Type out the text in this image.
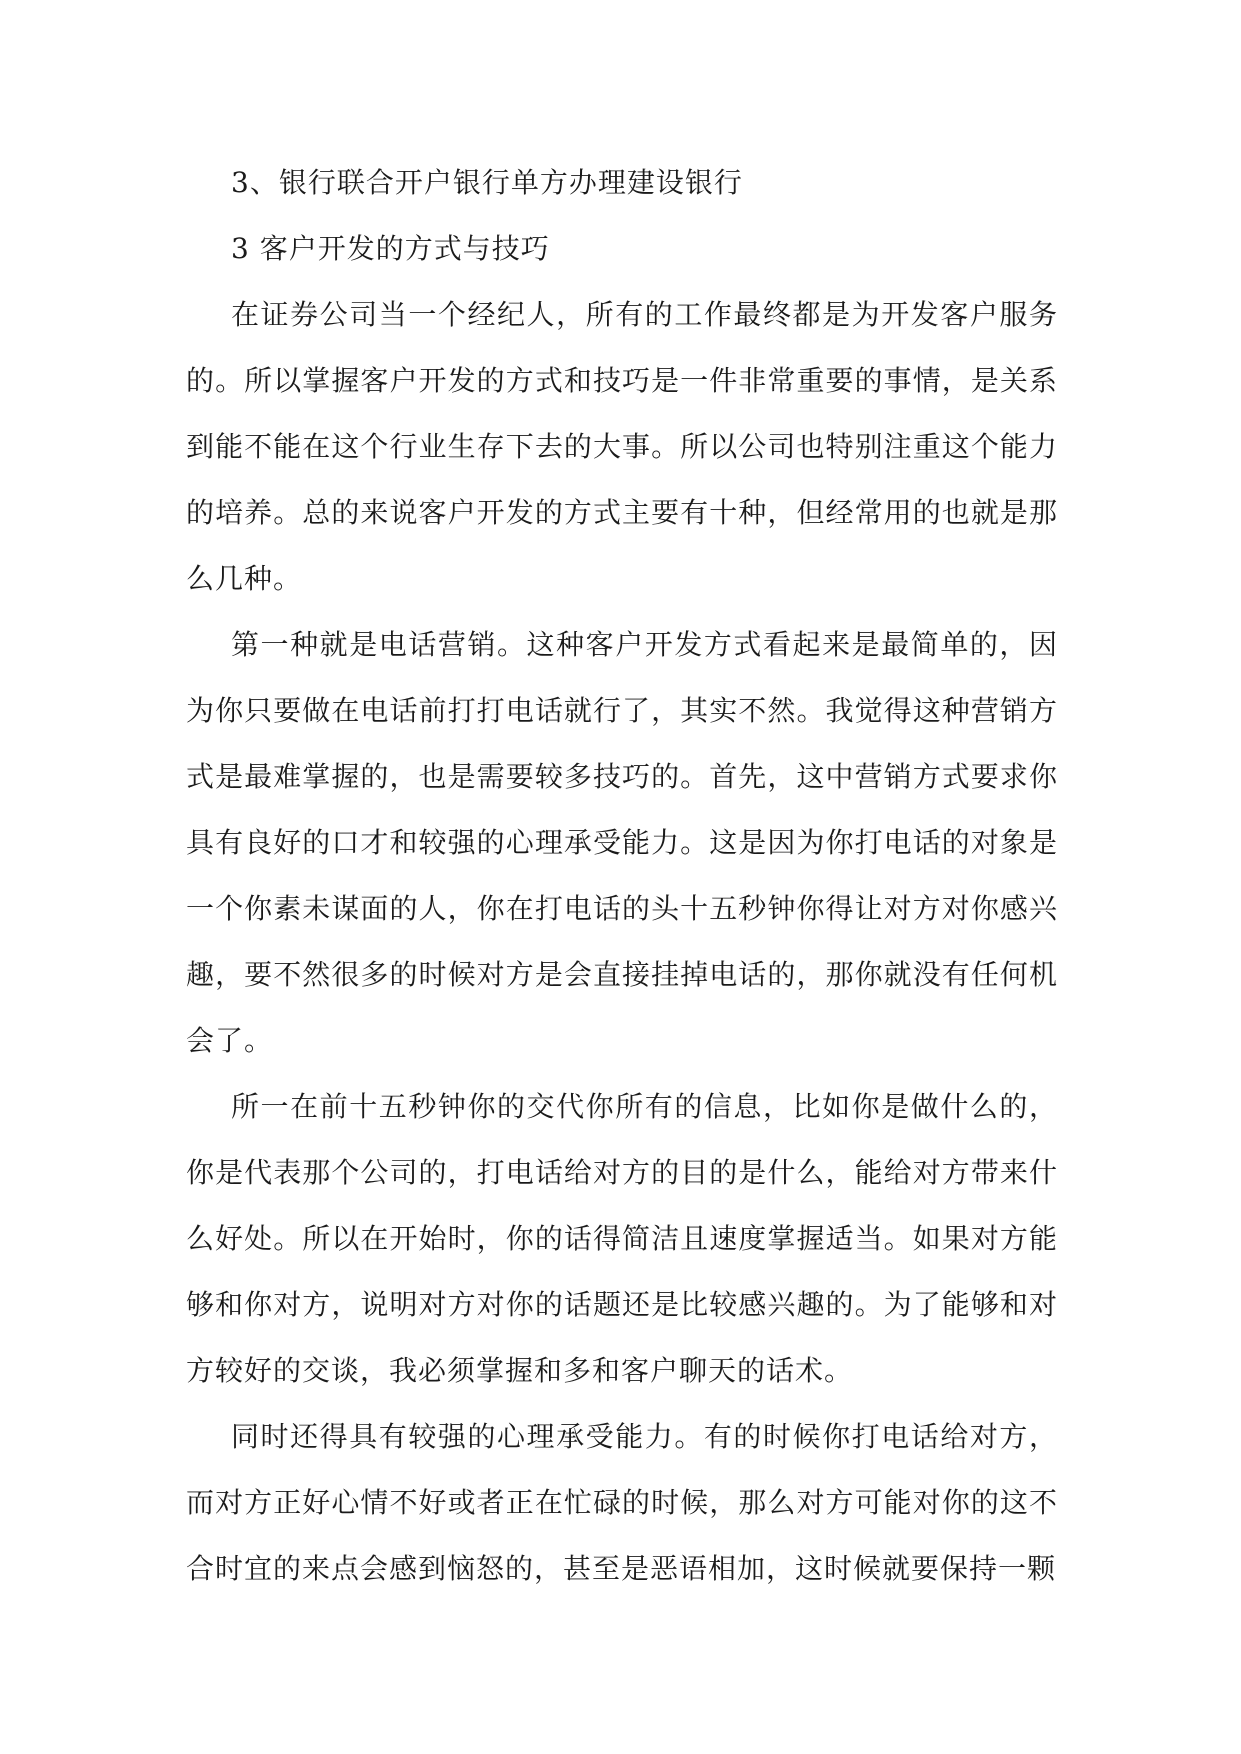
3、银行联合开户银行单方办理建设银行

3 客户开发的方式与技巧

在证券公司当一个经纪人，所有的工作最终都是为开发客户服务的。所以掌握客户开发的方式和技巧是一件非常重要的事情，是关系到能不能在这个行业生存下去的大事。所以公司也特别注重这个能力的培养。总的来说客户开发的方式主要有十种，但经常用的也就是那么几种。

第一种就是电话营销。这种客户开发方式看起来是最简单的，因为你只要做在电话前打打电话就行了，其实不然。我觉得这种营销方式是最难掌握的，也是需要较多技巧的。首先，这中营销方式要求你具有良好的口才和较强的心理承受能力。这是因为你打电话的对象是一个你素未谋面的人，你在打电话的头十五秒钟你得让对方对你感兴趣，要不然很多的时候对方是会直接挂掉电话的，那你就没有任何机会了。

所一在前十五秒钟你的交代你所有的信息，比如你是做什么的，你是代表那个公司的，打电话给对方的目的是什么，能给对方带来什么好处。所以在开始时，你的话得简洁且速度掌握适当。如果对方能够和你对方，说明对方对你的话题还是比较感兴趣的。为了能够和对方较好的交谈，我必须掌握和多和客户聊天的话术。

同时还得具有较强的心理承受能力。有的时候你打电话给对方，而对方正好心情不好或者正在忙碌的时候，那么对方可能对你的这不合时宜的来点会感到恼怒的，甚至是恶语相加，这时候就要保持一颗
